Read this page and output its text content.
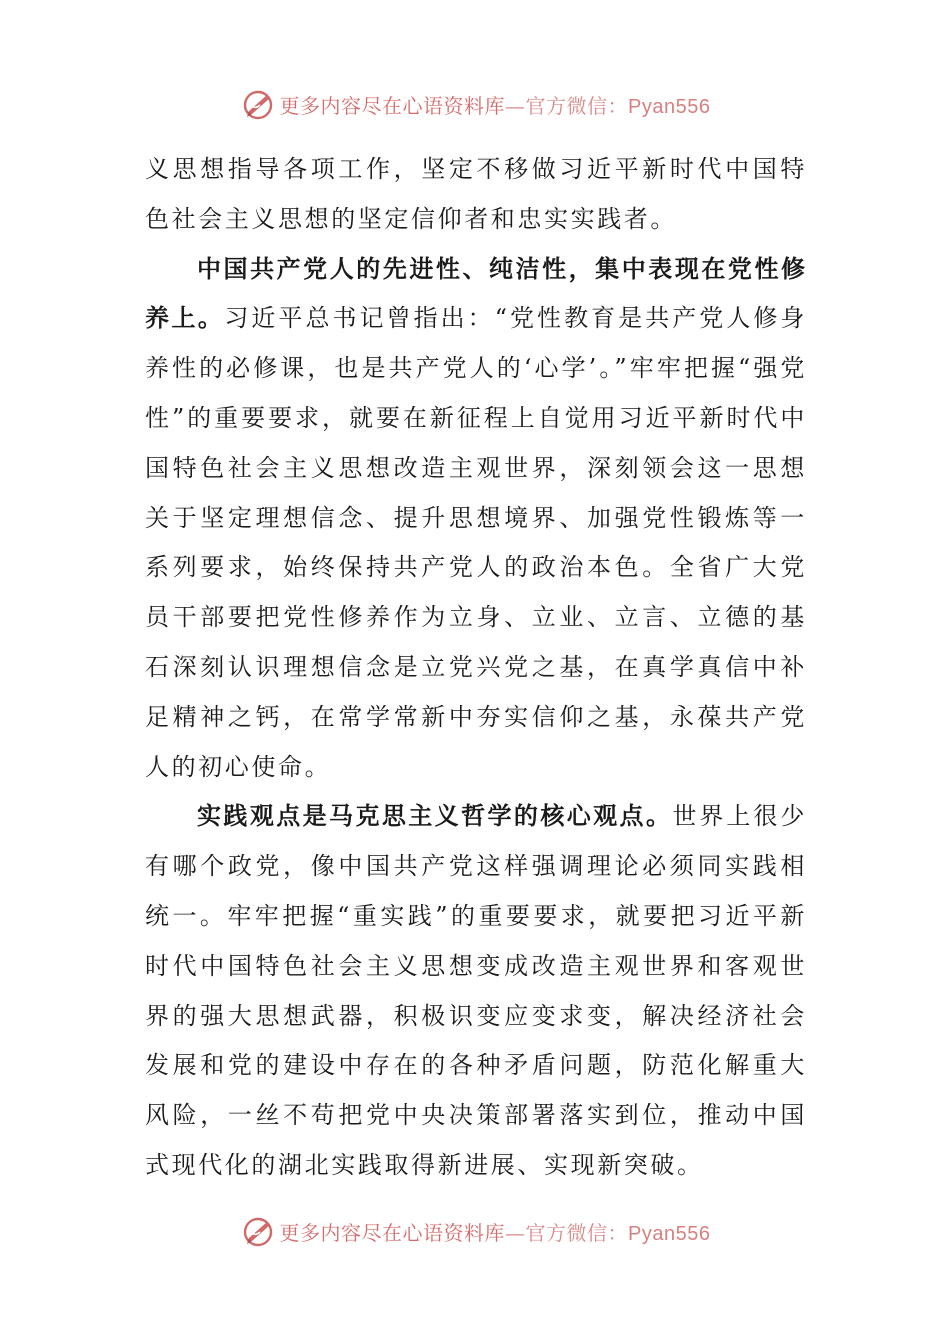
更多内容尽在心语资料库—官方微信：Pyan556

义思想指导各项工作，坚定不移做习近平新时代中国特色社会主义思想的坚定信仰者和忠实实践者。

中国共产党人的先进性、纯洁性，集中表现在党性修养上。习近平总书记曾指出：“党性教育是共产党人修身养性的必修课，也是共产党人的‘心学’。”牢牢把握“强党性”的重要要求，就要在新征程上自觉用习近平新时代中国特色社会主义思想改造主观世界，深刻领会这一思想关于坚定理想信念、提升思想境界、加强党性锻炼等一系列要求，始终保持共产党人的政治本色。全省广大党员干部要把党性修养作为立身、立业、立言、立德的基石深刻认识理想信念是立党兴党之基，在真学真信中补足精神之钙，在常学常新中夯实信仰之基，永葆共产党人的初心使命。

实践观点是马克思主义哲学的核心观点。世界上很少有哪个政党，像中国共产党这样强调理论必须同实践相统一。牢牢把握“重实践”的重要要求，就要把习近平新时代中国特色社会主义思想变成改造主观世界和客观世界的强大思想武器，积极识变应变求变，解决经济社会发展和党的建设中存在的各种矛盾问题，防范化解重大风险，一丝不苟把党中央决策部署落实到位，推动中国式现代化的湖北实践取得新进展、实现新突破。

更多内容尽在心语资料库—官方微信：Pyan556
